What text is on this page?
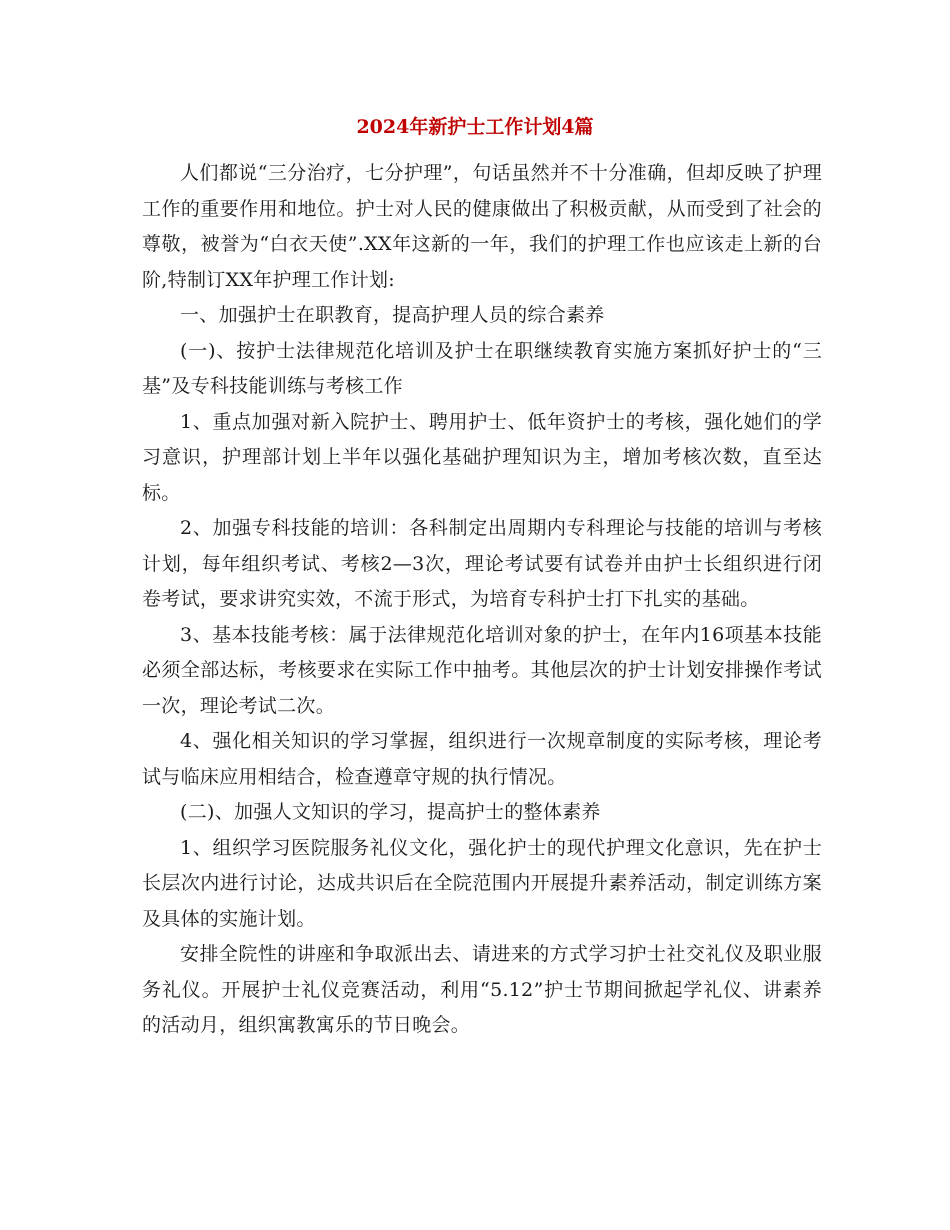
2024年新护士工作计划4篇

人们都说“三分治疗，七分护理”，句话虽然并不十分准确，但却反映了护理工作的重要作用和地位。护士对人民的健康做出了积极贡献，从而受到了社会的尊敬，被誉为“白衣天使”.XX年这新的一年，我们的护理工作也应该走上新的台阶,特制订XX年护理工作计划:

一、加强护士在职教育，提高护理人员的综合素养

(一)、按护士法律规范化培训及护士在职继续教育实施方案抓好护士的“三基”及专科技能训练与考核工作

1、重点加强对新入院护士、聘用护士、低年资护士的考核，强化她们的学习意识，护理部计划上半年以强化基础护理知识为主，增加考核次数，直至达标。

2、加强专科技能的培训：各科制定出周期内专科理论与技能的培训与考核计划，每年组织考试、考核2—3次，理论考试要有试卷并由护士长组织进行闭卷考试，要求讲究实效，不流于形式，为培育专科护士打下扎实的基础。

3、基本技能考核：属于法律规范化培训对象的护士，在年内16项基本技能必须全部达标，考核要求在实际工作中抽考。其他层次的护士计划安排操作考试一次，理论考试二次。

4、强化相关知识的学习掌握，组织进行一次规章制度的实际考核，理论考试与临床应用相结合，检查遵章守规的执行情况。

(二)、加强人文知识的学习，提高护士的整体素养

1、组织学习医院服务礼仪文化，强化护士的现代护理文化意识，先在护士长层次内进行讨论，达成共识后在全院范围内开展提升素养活动，制定训练方案及具体的实施计划。

安排全院性的讲座和争取派出去、请进来的方式学习护士社交礼仪及职业服务礼仪。开展护士礼仪竞赛活动，利用“5.12”护士节期间掀起学礼仪、讲素养的活动月，组织寓教寓乐的节日晚会。
